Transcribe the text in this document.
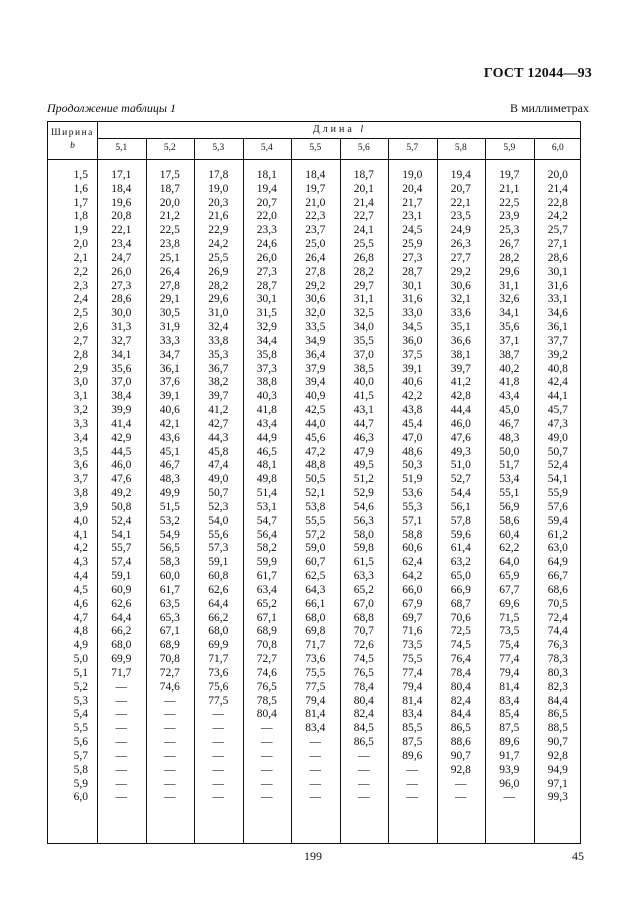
ГОСТ 12044—93
Продолжение таблицы 1	В миллиметрах
Ширина
b
Длина l
5,1	5,2	5,3	5,4	5,5	5,6	5,7	5,8	5,9	6,0
1,5	17,1	17,5	17,8	18,1	18,4	18,7	19,0	19,4	19,7	20,0
1,6	18,4	18,7	19,0	19,4	19,7	20,1	20,4	20,7	21,1	21,4
1,7	19,6	20,0	20,3	20,7	21,0	21,4	21,7	22,1	22,5	22,8
1,8	20,8	21,2	21,6	22,0	22,3	22,7	23,1	23,5	23,9	24,2
1,9	22,1	22,5	22,9	23,3	23,7	24,1	24,5	24,9	25,3	25,7
2,0	23,4	23,8	24,2	24,6	25,0	25,5	25,9	26,3	26,7	27,1
2,1	24,7	25,1	25,5	26,0	26,4	26,8	27,3	27,7	28,2	28,6
2,2	26,0	26,4	26,9	27,3	27,8	28,2	28,7	29,2	29,6	30,1
2,3	27,3	27,8	28,2	28,7	29,2	29,7	30,1	30,6	31,1	31,6
2,4	28,6	29,1	29,6	30,1	30,6	31,1	31,6	32,1	32,6	33,1
2,5	30,0	30,5	31,0	31,5	32,0	32,5	33,0	33,6	34,1	34,6
2,6	31,3	31,9	32,4	32,9	33,5	34,0	34,5	35,1	35,6	36,1
2,7	32,7	33,3	33,8	34,4	34,9	35,5	36,0	36,6	37,1	37,7
2,8	34,1	34,7	35,3	35,8	36,4	37,0	37,5	38,1	38,7	39,2
2,9	35,6	36,1	36,7	37,3	37,9	38,5	39,1	39,7	40,2	40,8
3,0	37,0	37,6	38,2	38,8	39,4	40,0	40,6	41,2	41,8	42,4
3,1	38,4	39,1	39,7	40,3	40,9	41,5	42,2	42,8	43,4	44,1
3,2	39,9	40,6	41,2	41,8	42,5	43,1	43,8	44,4	45,0	45,7
3,3	41,4	42,1	42,7	43,4	44,0	44,7	45,4	46,0	46,7	47,3
3,4	42,9	43,6	44,3	44,9	45,6	46,3	47,0	47,6	48,3	49,0
3,5	44,5	45,1	45,8	46,5	47,2	47,9	48,6	49,3	50,0	50,7
3,6	46,0	46,7	47,4	48,1	48,8	49,5	50,3	51,0	51,7	52,4
3,7	47,6	48,3	49,0	49,8	50,5	51,2	51,9	52,7	53,4	54,1
3,8	49,2	49,9	50,7	51,4	52,1	52,9	53,6	54,4	55,1	55,9
3,9	50,8	51,5	52,3	53,1	53,8	54,6	55,3	56,1	56,9	57,6
4,0	52,4	53,2	54,0	54,7	55,5	56,3	57,1	57,8	58,6	59,4
4,1	54,1	54,9	55,6	56,4	57,2	58,0	58,8	59,6	60,4	61,2
4,2	55,7	56,5	57,3	58,2	59,0	59,8	60,6	61,4	62,2	63,0
4,3	57,4	58,3	59,1	59,9	60,7	61,5	62,4	63,2	64,0	64,9
4,4	59,1	60,0	60,8	61,7	62,5	63,3	64,2	65,0	65,9	66,7
4,5	60,9	61,7	62,6	63,4	64,3	65,2	66,0	66,9	67,7	68,6
4,6	62,6	63,5	64,4	65,2	66,1	67,0	67,9	68,7	69,6	70,5
4,7	64,4	65,3	66,2	67,1	68,0	68,8	69,7	70,6	71,5	72,4
4,8	66,2	67,1	68,0	68,9	69,8	70,7	71,6	72,5	73,5	74,4
4,9	68,0	68,9	69,9	70,8	71,7	72,6	73,5	74,5	75,4	76,3
5,0	69,9	70,8	71,7	72,7	73,6	74,5	75,5	76,4	77,4	78,3
5,1	71,7	72,7	73,6	74,6	75,5	76,5	77,4	78,4	79,4	80,3
5,2	—	74,6	75,6	76,5	77,5	78,4	79,4	80,4	81,4	82,3
5,3	—	—	77,5	78,5	79,4	80,4	81,4	82,4	83,4	84,4
5,4	—	—	—	80,4	81,4	82,4	83,4	84,4	85,4	86,5
5,5	—	—	—	—	83,4	84,5	85,5	86,5	87,5	88,5
5,6	—	—	—	—	—	86,5	87,5	88,6	89,6	90,7
5,7	—	—	—	—	—	—	89,6	90,7	91,7	92,8
5,8	—	—	—	—	—	—	—	92,8	93,9	94,9
5,9	—	—	—	—	—	—	—	—	96,0	97,1
6,0	—	—	—	—	—	—	—	—	—	99,3
199	45
